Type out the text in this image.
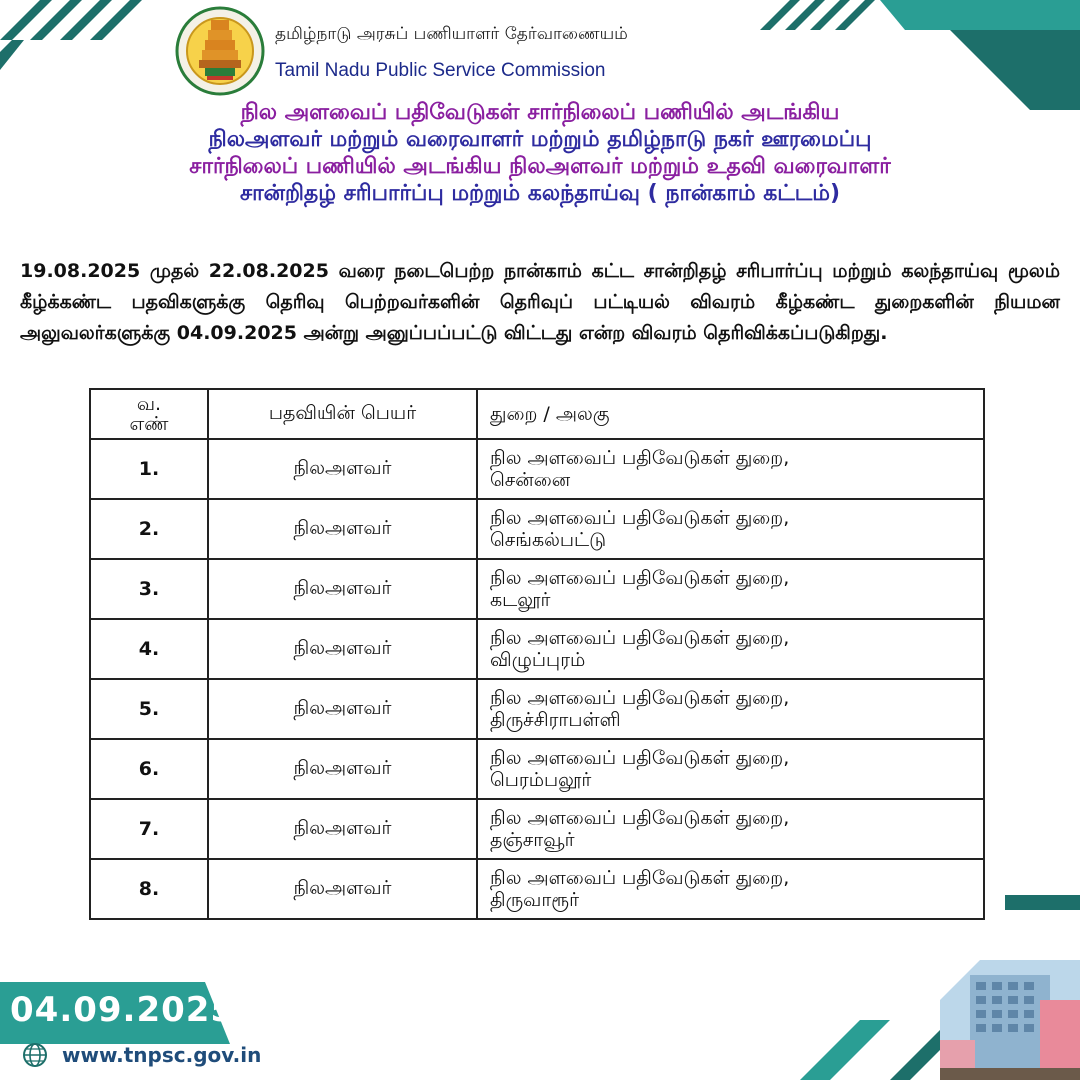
தமிழ்நாடு அரசுப் பணியாளர் தேர்வாணையம்
Tamil Nadu Public Service Commission
நில அளவைப் பதிவேடுகள் சார்நிலைப் பணியில் அடங்கிய
நிலஅளவர் மற்றும் வரைவாளர் மற்றும் தமிழ்நாடு நகர் ஊரமைப்பு
சார்நிலைப் பணியில் அடங்கிய நிலஅளவர் மற்றும் உதவி வரைவாளர்
சான்றிதழ் சரிபார்ப்பு மற்றும் கலந்தாய்வு ( நான்காம் கட்டம்)
19.08.2025 முதல் 22.08.2025 வரை நடைபெற்ற நான்காம் கட்ட சான்றிதழ் சரிபார்ப்பு மற்றும் கலந்தாய்வு மூலம் கீழ்க்கண்ட பதவிகளுக்கு தெரிவு பெற்றவர்களின் தெரிவுப் பட்டியல் விவரம் கீழ்கண்ட துறைகளின் நியமன அலுவலர்களுக்கு 04.09.2025 அன்று அனுப்பப்பட்டு விட்டது என்ற விவரம் தெரிவிக்கப்படுகிறது.
வ.
எண்	பதவியின் பெயர்	துறை / அலகு
1.	நிலஅளவர்	நில அளவைப் பதிவேடுகள் துறை,
சென்னை

2.	நிலஅளவர்	நில அளவைப் பதிவேடுகள் துறை,
செங்கல்பட்டு

3.	நிலஅளவர்	நில அளவைப் பதிவேடுகள் துறை,
கடலூர்

4.	நிலஅளவர்	நில அளவைப் பதிவேடுகள் துறை,
விழுப்புரம்

5.	நிலஅளவர்	நில அளவைப் பதிவேடுகள் துறை,
திருச்சிராபள்ளி

6.	நிலஅளவர்	நில அளவைப் பதிவேடுகள் துறை,
பெரம்பலூர்

7.	நிலஅளவர்	நில அளவைப் பதிவேடுகள் துறை,
தஞ்சாவூர்

8.	நிலஅளவர்	நில அளவைப் பதிவேடுகள் துறை,
திருவாரூர்
04.09.2025
www.tnpsc.gov.in
